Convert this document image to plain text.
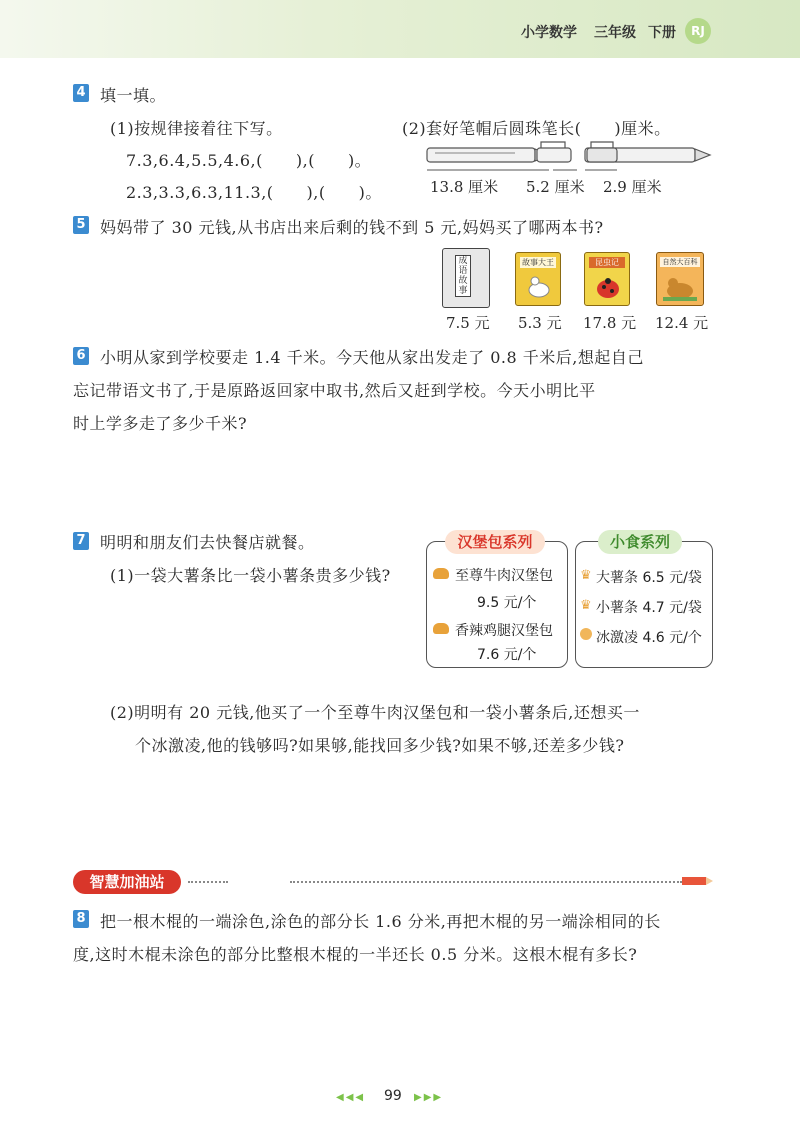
小学数学 三年级 下册	RJ
4 填一填。
(1)按规律接着往下写。
7.3,6.4,5.5,4.6,(　　),(　　)。
2.3,3.3,6.3,11.3,(　　),(　　)。
(2)套好笔帽后圆珠笔长(　　)厘米。
13.8 厘米 5.2 厘米 2.9 厘米
5 妈妈带了 30 元钱,从书店出来后剩的钱不到 5 元,妈妈买了哪两本书?
成语故事
故事大王	昆虫记	自然大百科
7.5 元 5.3 元 17.8 元 12.4 元
6 小明从家到学校要走 1.4 千米。今天他从家出发走了 0.8 千米后,想起自己
忘记带语文书了,于是原路返回家中取书,然后又赶到学校。今天小明比平
时上学多走了多少千米?
7 明明和朋友们去快餐店就餐。
(1)一袋大薯条比一袋小薯条贵多少钱?
汉堡包系列
至尊牛肉汉堡包
9.5 元/个
香辣鸡腿汉堡包
7.6 元/个
小食系列
♛ 大薯条 6.5 元/袋
♛ 小薯条 4.7 元/袋
冰激凌 4.6 元/个
(2)明明有 20 元钱,他买了一个至尊牛肉汉堡包和一袋小薯条后,还想买一
个冰激凌,他的钱够吗?如果够,能找回多少钱?如果不够,还差多少钱?
智慧加油站
8 把一根木棍的一端涂色,涂色的部分长 1.6 分米,再把木棍的另一端涂相同的长
度,这时木棍未涂色的部分比整根木棍的一半还长 0.5 分米。这根木棍有多长?
◀◀◀ 99 ▶▶▶
